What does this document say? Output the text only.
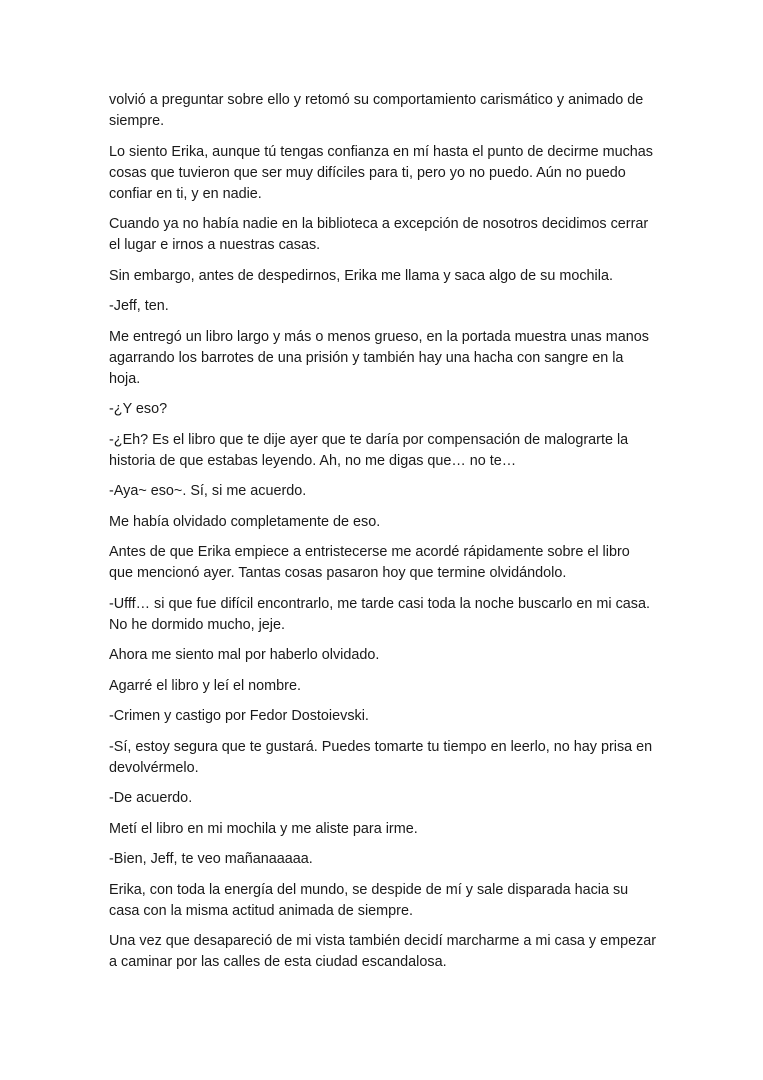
volvió a preguntar sobre ello y retomó su comportamiento carismático y animado de siempre.

Lo siento Erika, aunque tú tengas confianza en mí hasta el punto de decirme muchas cosas que tuvieron que ser muy difíciles para ti, pero yo no puedo. Aún no puedo confiar en ti, y en nadie.

Cuando ya no había nadie en la biblioteca a excepción de nosotros decidimos cerrar el lugar e irnos a nuestras casas.

Sin embargo, antes de despedirnos, Erika me llama y saca algo de su mochila.

-Jeff, ten.

Me entregó un libro largo y más o menos grueso, en la portada muestra unas manos agarrando los barrotes de una prisión y también hay una hacha con sangre en la hoja.

-¿Y eso?

-¿Eh? Es el libro que te dije ayer que te daría por compensación de malograrte la historia de que estabas leyendo. Ah, no me digas que… no te…

-Aya~ eso~. Sí, si me acuerdo.

Me había olvidado completamente de eso.

Antes de que Erika empiece a entristecerse me acordé rápidamente sobre el libro que mencionó ayer. Tantas cosas pasaron hoy que termine olvidándolo.

-Ufff… si que fue difícil encontrarlo, me tarde casi toda la noche buscarlo en mi casa. No he dormido mucho, jeje.

Ahora me siento mal por haberlo olvidado.

Agarré el libro y leí el nombre.

-Crimen y castigo por Fedor Dostoievski.

-Sí, estoy segura que te gustará. Puedes tomarte tu tiempo en leerlo, no hay prisa en devolvérmelo.

-De acuerdo.

Metí el libro en mi mochila y me aliste para irme.

-Bien, Jeff, te veo mañanaaaaa.

Erika, con toda la energía del mundo, se despide de mí y sale disparada hacia su casa con la misma actitud animada de siempre.

Una vez que desapareció de mi vista también decidí marcharme a mi casa y empezar a caminar por las calles de esta ciudad escandalosa.
